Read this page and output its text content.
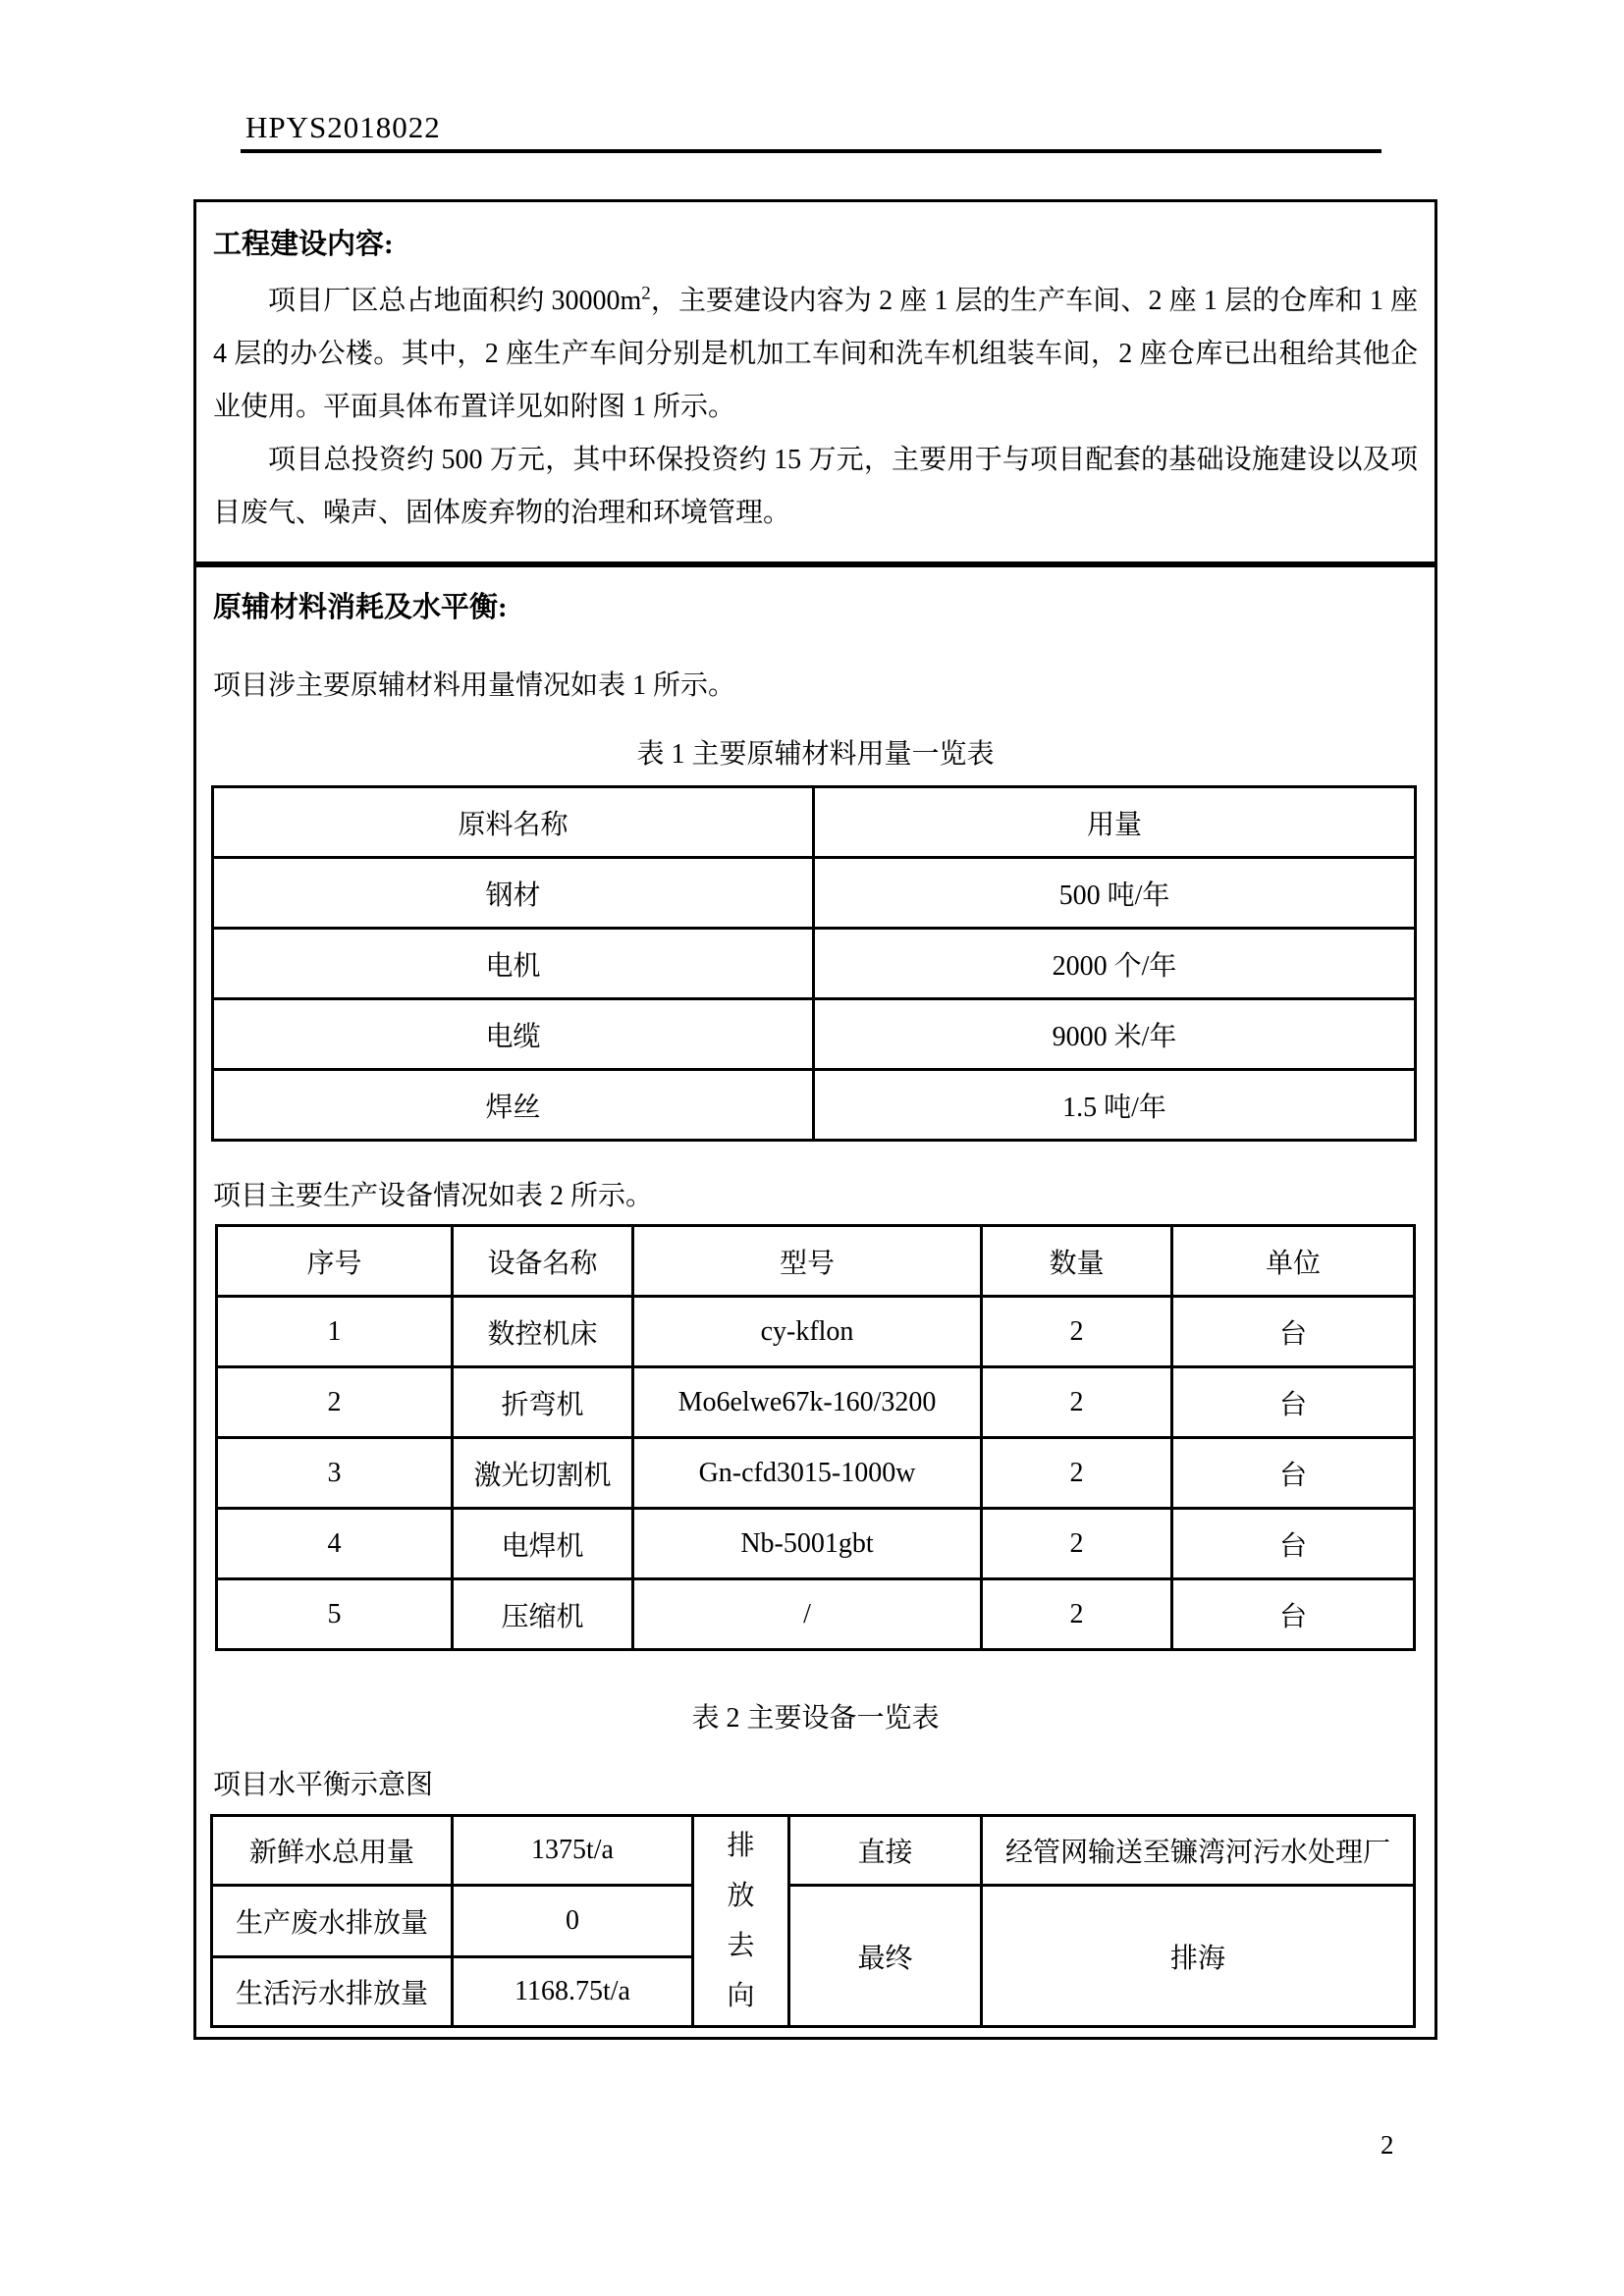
HPYS2018022
工程建设内容:

项目厂区总占地面积约 $30000m^2$，主要建设内容为 2 座 1 层的生产车间、2 座 1 层的仓库和 1 座 4 层的办公楼。其中，2 座生产车间分别是机加工车间和洗车机组装车间，2 座仓库已出租给其他企业使用。平面具体布置详见如附图 1 所示。

项目总投资约 500 万元，其中环保投资约 15 万元，主要用于与项目配套的基础设施建设以及项目废气、噪声、固体废弃物的治理和环境管理。

原辅材料消耗及水平衡:
项目涉主要原辅材料用量情况如表 1 所示。
表 1 主要原辅材料用量一览表
原料名称	用量
钢材	500 吨/年
电机	2000 个/年
电缆	9000 米/年
焊丝	1.5 吨/年
项目主要生产设备情况如表 2 所示。
序号	设备名称	型号	数量	单位
1	数控机床	cy-kflon	2	台
2	折弯机	Mo6elwe67k-160/3200	2	台
3	激光切割机	Gn-cfd3015-1000w	2	台
4	电焊机	Nb-5001gbt	2	台
5	压缩机	/	2	台
表 2 主要设备一览表
项目水平衡示意图
新鲜水总用量	1375t/a	排放去向	直接	经管网输送至镰湾河污水处理厂
生产废水排放量	0		最终	排海
生活污水排放量	1168.75t/a			
2
